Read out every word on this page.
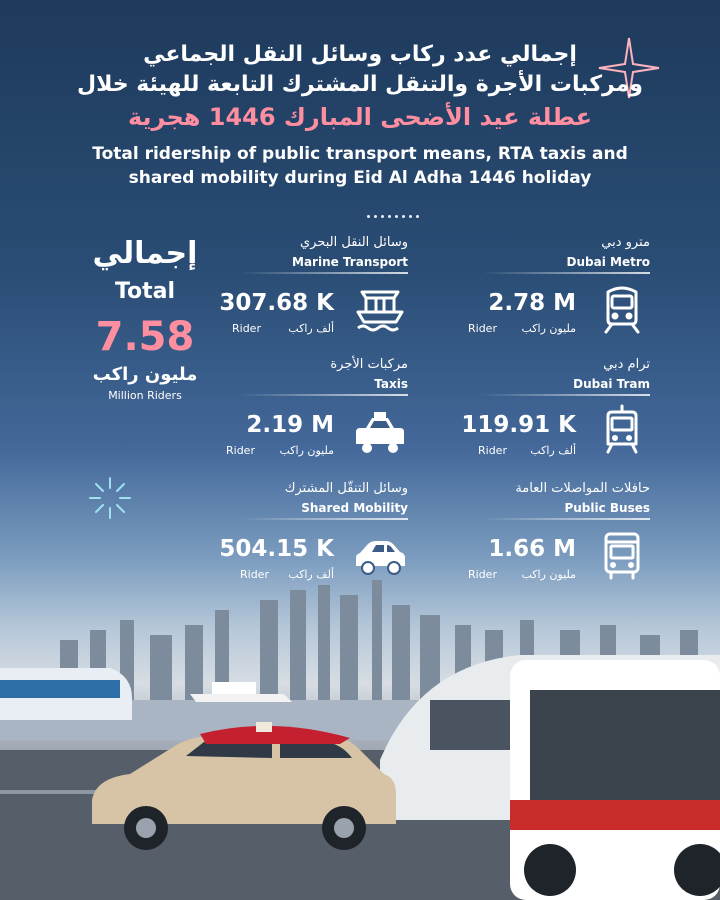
إجمالي عدد ركاب وسائل النقل الجماعي
ومركبات الأجرة والتنقل المشترك التابعة للهيئة خلال
عطلة عيد الأضحى المبارك 1446 هجرية
Total ridership of public transport means, RTA taxis and
shared mobility during Eid Al Adha 1446 holiday
إجمالي
Total
7.58
مليون راكب
Million Riders
وسائل النقل البحري
Marine Transport
307.68 K
ألف راكب
Rider
مترو دبي
Dubai Metro
2.78 M
مليون راكب
Rider
مركبات الأجرة
Taxis
2.19 M
مليون راكب
Rider
ترام دبي
Dubai Tram
119.91 K
ألف راكب
Rider
وسائل التنقّل المشترك
Shared Mobility
504.15 K
ألف راكب
Rider
حافلات المواصلات العامة
Public Buses
1.66 M
مليون راكب
Rider
